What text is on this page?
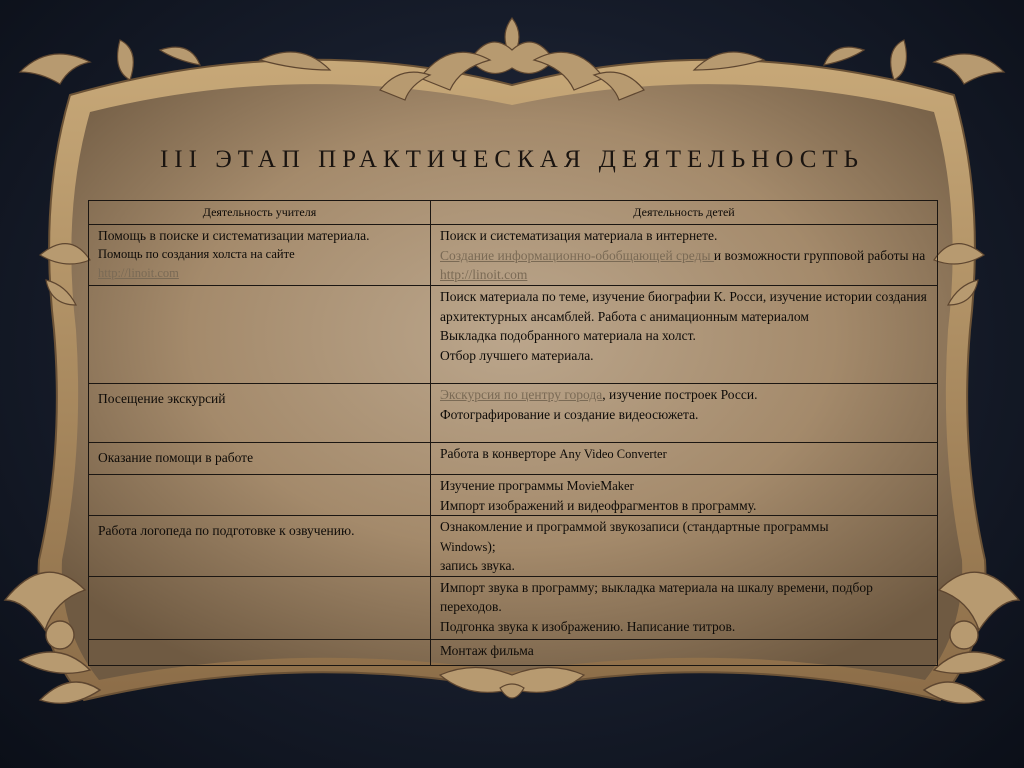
III ЭТАП ПРАКТИЧЕСКАЯ ДЕЯТЕЛЬНОСТЬ
Деятельность учителя	Деятельность детей

Помощь в поиске и систематизации материала.
Помощь по создания холста на сайте
http://linoit.com	Поиск и систематизация материала в интернете.
Создание информационно-обобщающей среды и возможности групповой работы на http://linoit.com

	Поиск материала по теме, изучение биографии К. Росси, изучение истории создания архитектурных ансамблей. Работа с анимационным материалом
Выкладка подобранного материала на холст.
Отбор лучшего материала.

Посещение экскурсий	Экскурсия по центру города, изучение построек Росси.
Фотографирование и создание видеосюжета.

Оказание помощи в работе	Работа в конверторе Any Video Converter
	Изучение программы MovieMaker
Импорт изображений и видеофрагментов в программу.

Работа логопеда по подготовке к озвучению.	Ознакомление и программой звукозаписи (стандартные программы
Windows);
запись звука.

	Импорт звука в программу; выкладка материала на шкалу времени, подбор переходов.
Подгонка звука к изображению. Написание титров.

	Монтаж фильма
